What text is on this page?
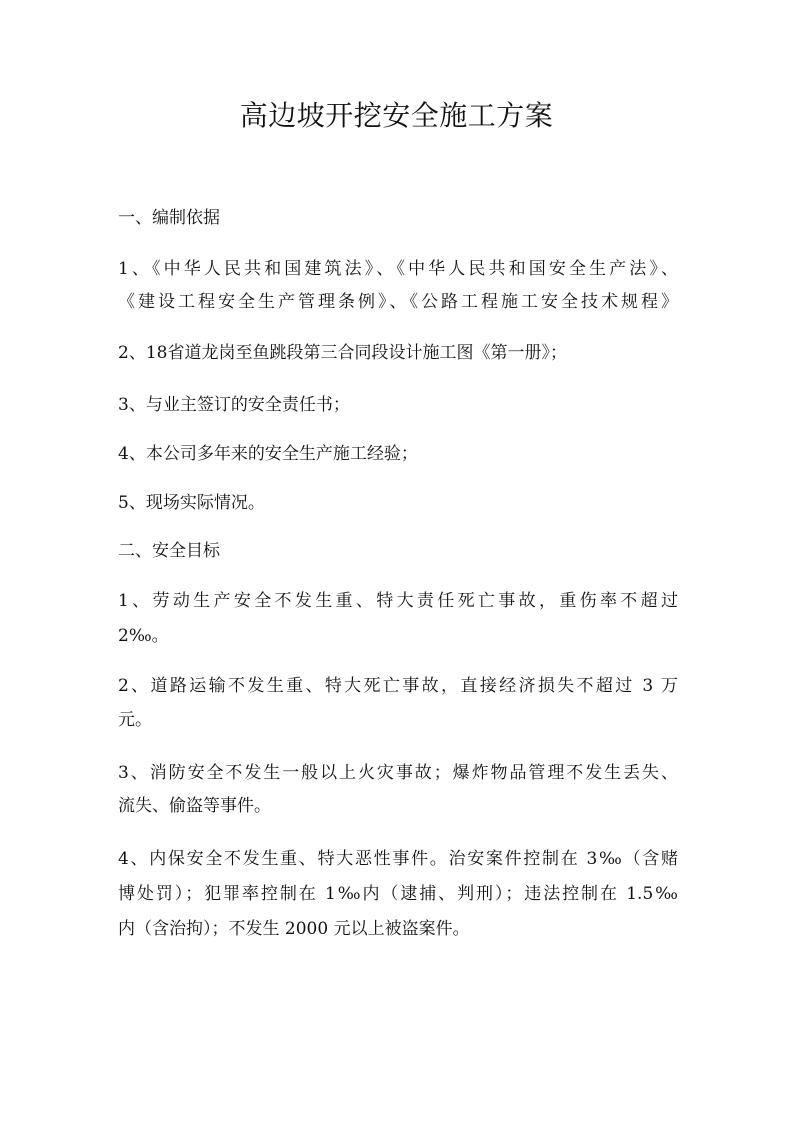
高边坡开挖安全施工方案

一、编制依据

1、《中华人民共和国建筑法》、《中华人民共和国安全生产法》、

《建设工程安全生产管理条例》、《公路工程施工安全技术规程》

2、18省道龙岗至鱼跳段第三合同段设计施工图《第一册》；

3、与业主签订的安全责任书；

4、本公司多年来的安全生产施工经验；

5、现场实际情况。

二、安全目标

1、劳动生产安全不发生重、特大责任死亡事故，重伤率不超过

2‰。

2、道路运输不发生重、特大死亡事故，直接经济损失不超过 3 万

元。

3、消防安全不发生一般以上火灾事故；爆炸物品管理不发生丢失、

流失、偷盗等事件。

4、内保安全不发生重、特大恶性事件。治安案件控制在 3‰（含赌

博处罚）；犯罪率控制在 1‰内（逮捕、判刑）；违法控制在 1.5‰

内（含治拘）；不发生 2000 元以上被盗案件。
